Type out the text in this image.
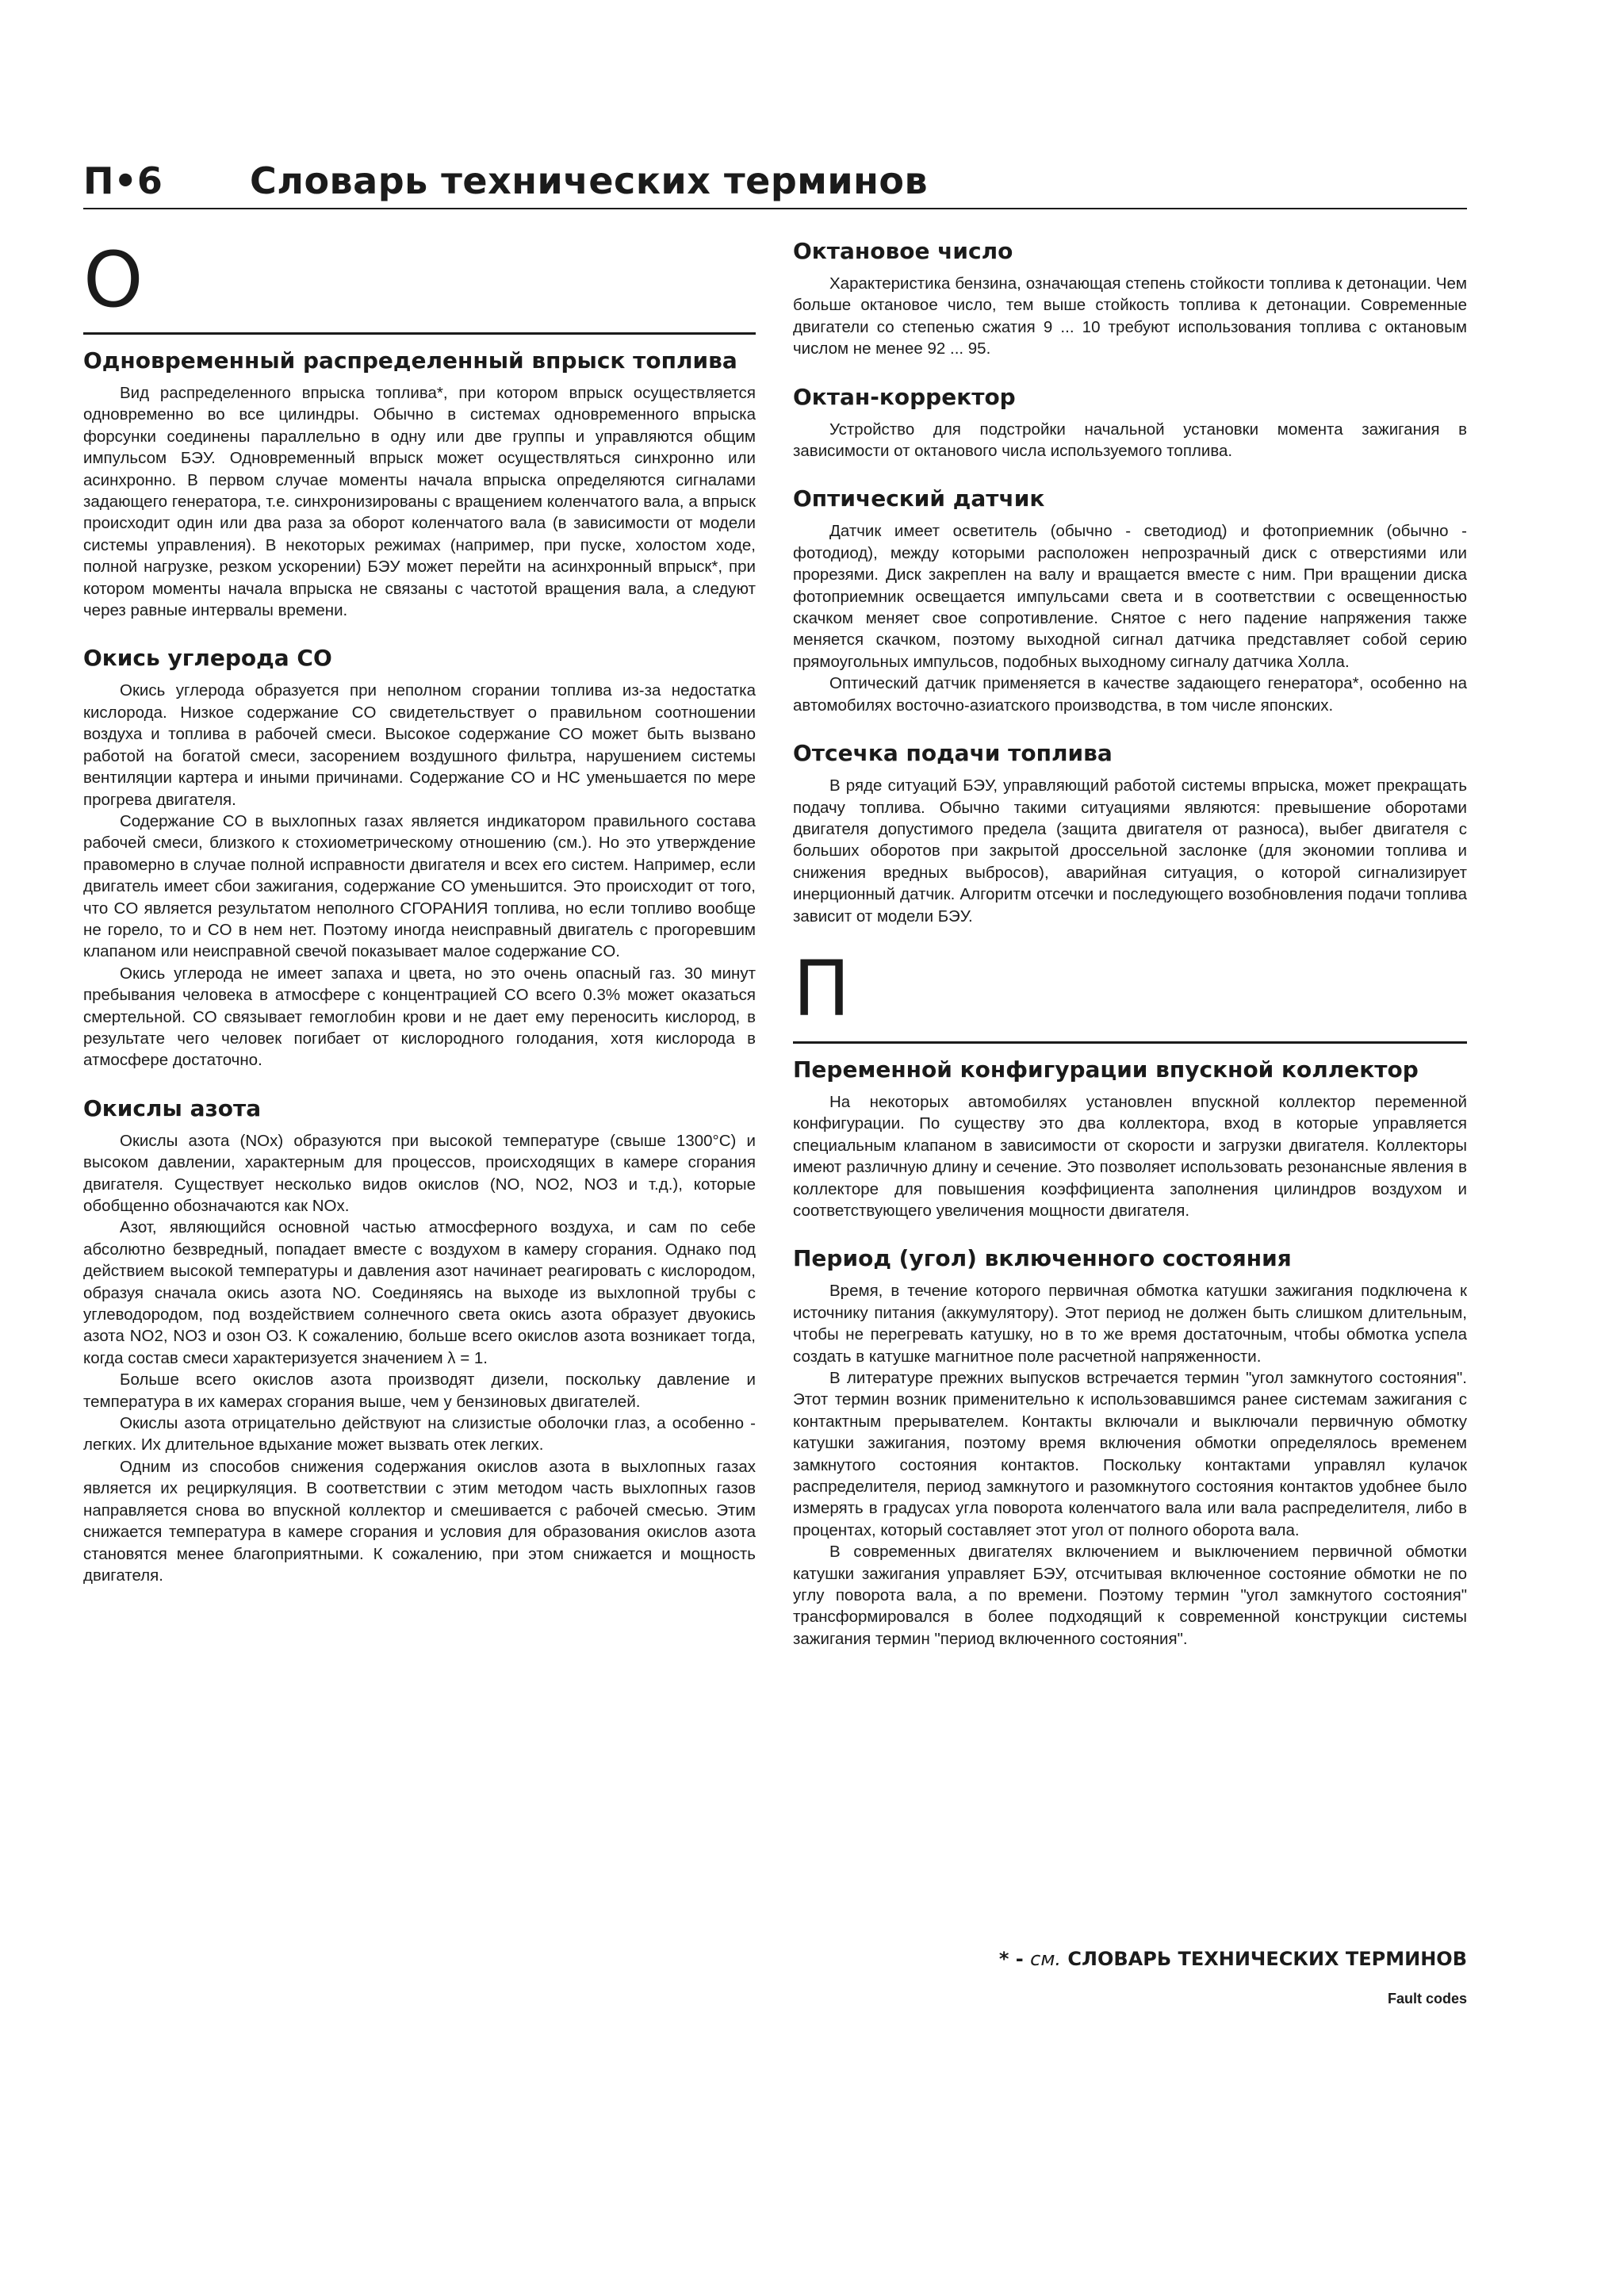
П•6 Словарь технических терминов
О
Одновременный распределенный впрыск топлива

Вид распределенного впрыска топлива*, при котором впрыск осуществляется одновременно во все цилиндры. Обычно в системах одновременного впрыска форсунки соединены параллельно в одну или две группы и управляются общим импульсом БЭУ. Одновременный впрыск может осуществляться синхронно или асинхронно. В первом случае моменты начала впрыска определяются сигналами задающего генератора, т.е. синхронизированы с вращением коленчатого вала, а впрыск происходит один или два раза за оборот коленчатого вала (в зависимости от модели системы управления). В некоторых режимах (например, при пуске, холостом ходе, полной нагрузке, резком ускорении) БЭУ может перейти на асинхронный впрыск*, при котором моменты начала впрыска не связаны с частотой вращения вала, а следуют через равные интервалы времени.

Окись углерода CO

Окись углерода образуется при неполном сгорании топлива из-за недостатка кислорода. Низкое содержание CO свидетельствует о правильном соотношении воздуха и топлива в рабочей смеси. Высокое содержание CO может быть вызвано работой на богатой смеси, засорением воздушного фильтра, нарушением системы вентиляции картера и иными причинами. Содержание CO и HC уменьшается по мере прогрева двигателя.

Содержание CO в выхлопных газах является индикатором правильного состава рабочей смеси, близкого к стохиометрическому отношению (см.). Но это утверждение правомерно в случае полной исправности двигателя и всех его систем. Например, если двигатель имеет сбои зажигания, содержание CO уменьшится. Это происходит от того, что CO является результатом неполного СГОРАНИЯ топлива, но если топливо вообще не горело, то и CO в нем нет. Поэтому иногда неисправный двигатель с прогоревшим клапаном или неисправной свечой показывает малое содержание CO.

Окись углерода не имеет запаха и цвета, но это очень опасный газ. 30 минут пребывания человека в атмосфере с концентрацией CO всего 0.3% может оказаться смертельной. CO связывает гемоглобин крови и не дает ему переносить кислород, в результате чего человек погибает от кислородного голодания, хотя кислорода в атмосфере достаточно.

Окислы азота

Окислы азота (NOx) образуются при высокой температуре (свыше 1300°С) и высоком давлении, характерным для процессов, происходящих в камере сгорания двигателя. Существует несколько видов окислов (NO, NO2, NO3 и т.д.), которые обобщенно обозначаются как NOx.

Азот, являющийся основной частью атмосферного воздуха, и сам по себе абсолютно безвредный, попадает вместе с воздухом в камеру сгорания. Однако под действием высокой температуры и давления азот начинает реагировать с кислородом, образуя сначала окись азота NO. Соединяясь на выходе из выхлопной трубы с углеводородом, под воздействием солнечного света окись азота образует двуокись азота NO2, NO3 и озон O3. К сожалению, больше всего окислов азота возникает тогда, когда состав смеси характеризуется значением λ = 1.

Больше всего окислов азота производят дизели, поскольку давление и температура в их камерах сгорания выше, чем у бензиновых двигателей.

Окислы азота отрицательно действуют на слизистые оболочки глаз, а особенно - легких. Их длительное вдыхание может вызвать отек легких.

Одним из способов снижения содержания окислов азота в выхлопных газах является их рециркуляция. В соответствии с этим методом часть выхлопных газов направляется снова во впускной коллектор и смешивается с рабочей смесью. Этим снижается температура в камере сгорания и условия для образования окислов азота становятся менее благоприятными. К сожалению, при этом снижается и мощность двигателя.

Октановое число

Характеристика бензина, означающая степень стойкости топлива к детонации. Чем больше октановое число, тем выше стойкость топлива к детонации. Современные двигатели со степенью сжатия 9 ... 10 требуют использования топлива с октановым числом не менее 92 ... 95.

Октан-корректор

Устройство для подстройки начальной установки момента зажигания в зависимости от октанового числа используемого топлива.

Оптический датчик

Датчик имеет осветитель (обычно - светодиод) и фотоприемник (обычно - фотодиод), между которыми расположен непрозрачный диск с отверстиями или прорезями. Диск закреплен на валу и вращается вместе с ним. При вращении диска фотоприемник освещается импульсами света и в соответствии с освещенностью скачком меняет свое сопротивление. Снятое с него падение напряжения также меняется скачком, поэтому выходной сигнал датчика представляет собой серию прямоугольных импульсов, подобных выходному сигналу датчика Холла.

Оптический датчик применяется в качестве задающего генератора*, особенно на автомобилях восточно-азиатского производства, в том числе японских.

Отсечка подачи топлива

В ряде ситуаций БЭУ, управляющий работой системы впрыска, может прекращать подачу топлива. Обычно такими ситуациями являются: превышение оборотами двигателя допустимого предела (защита двигателя от разноса), выбег двигателя с больших оборотов при закрытой дроссельной заслонке (для экономии топлива и снижения вредных выбросов), аварийная ситуация, о которой сигнализирует инерционный датчик. Алгоритм отсечки и последующего возобновления подачи топлива зависит от модели БЭУ.

П
Переменной конфигурации впускной коллектор

На некоторых автомобилях установлен впускной коллектор переменной конфигурации. По существу это два коллектора, вход в которые управляется специальным клапаном в зависимости от скорости и загрузки двигателя. Коллекторы имеют различную длину и сечение. Это позволяет использовать резонансные явления в коллекторе для повышения коэффициента заполнения цилиндров воздухом и соответствующего увеличения мощности двигателя.

Период (угол) включенного состояния

Время, в течение которого первичная обмотка катушки зажигания подключена к источнику питания (аккумулятору). Этот период не должен быть слишком длительным, чтобы не перегревать катушку, но в то же время достаточным, чтобы обмотка успела создать в катушке магнитное поле расчетной напряженности.

В литературе прежних выпусков встречается термин "угол замкнутого состояния". Этот термин возник применительно к использовавшимся ранее системам зажигания с контактным прерывателем. Контакты включали и выключали первичную обмотку катушки зажигания, поэтому время включения обмотки определялось временем замкнутого состояния контактов. Поскольку контактами управлял кулачок распределителя, период замкнутого и разомкнутого состояния контактов удобнее было измерять в градусах угла поворота коленчатого вала или вала распределителя, либо в процентах, который составляет этот угол от полного оборота вала.

В современных двигателях включением и выключением первичной обмотки катушки зажигания управляет БЭУ, отсчитывая включенное состояние обмотки не по углу поворота вала, а по времени. Поэтому термин "угол замкнутого состояния" трансформировался в более подходящий к современной конструкции системы зажигания термин "период включенного состояния".

* - см. СЛОВАРЬ ТЕХНИЧЕСКИХ ТЕРМИНОВ
Fault codes
